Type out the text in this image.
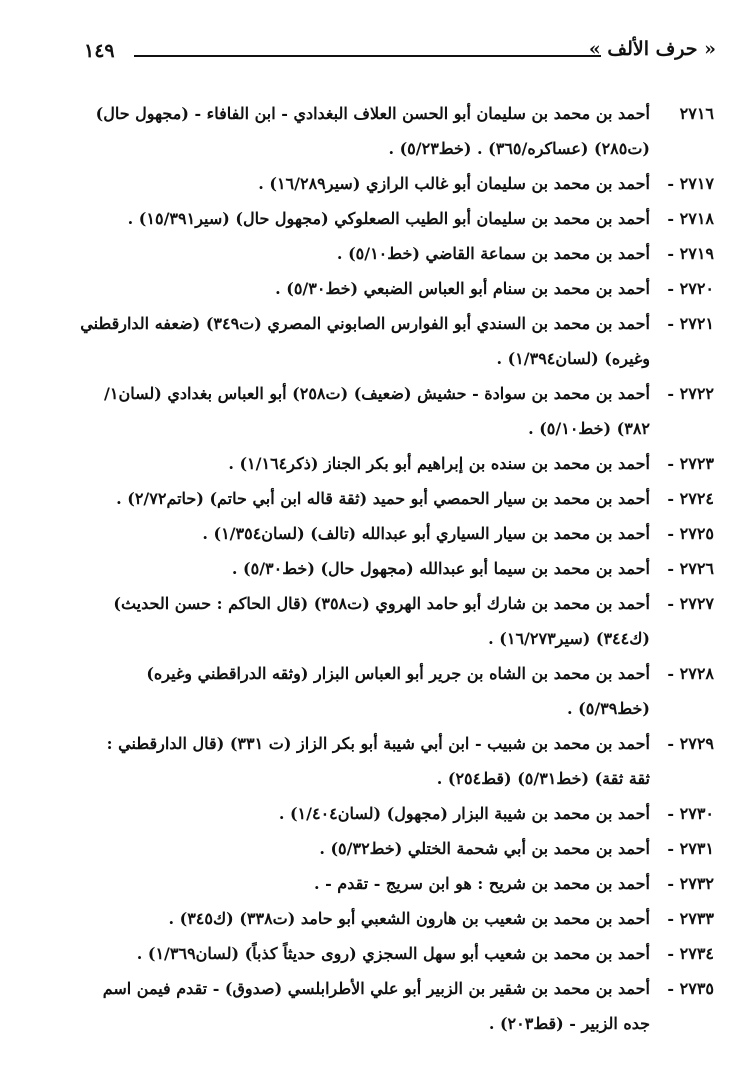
١٤٩	« حرف الألف »
٢٧١٦
أحمد بن محمد بن سليمان أبو الحسن العلاف البغدادي - ابن الفافاء - (مجهول حال) (ت٢٨٥) (عساكره/٣٦٥) . (خط٥/٢٣) .
٢٧١٧ -
أحمد بن محمد بن سليمان أبو غالب الرازي (سير١٦/٢٨٩) .
٢٧١٨ -
أحمد بن محمد بن سليمان أبو الطيب الصعلوكي (مجهول حال) (سير١٥/٣٩١) .
٢٧١٩ -
أحمد بن محمد بن سماعة القاضي (خط٥/١٠) .
٢٧٢٠ -
أحمد بن محمد بن سنام أبو العباس الضبعي (خط٥/٣٠) .
٢٧٢١ -
أحمد بن محمد بن السندي أبو الفوارس الصابوني المصري (ت٣٤٩) (ضعفه الدارقطني وغيره) (لسان١/٣٩٤) .
٢٧٢٢ -
أحمد بن محمد بن سوادة - حشيش (ضعيف) (ت٢٥٨) أبو العباس بغدادي (لسان١/ ٣٨٢) (خط٥/١٠) .
٢٧٢٣ -
أحمد بن محمد بن سنده بن إبراهيم أبو بكر الجناز (ذكر١/١٦٤) .
٢٧٢٤ -
أحمد بن محمد بن سيار الحمصي أبو حميد (ثقة قاله ابن أبي حاتم) (حاتم٢/٧٢) .
٢٧٢٥ -
أحمد بن محمد بن سيار السياري أبو عبدالله (تالف) (لسان١/٣٥٤) .
٢٧٢٦ -
أحمد بن محمد بن سيما أبو عبدالله (مجهول حال) (خط٥/٣٠) .
٢٧٢٧ -
أحمد بن محمد بن شارك أبو حامد الهروي (ت٣٥٨) (قال الحاكم : حسن الحديث) (ك٣٤٤) (سير١٦/٢٧٣) .
٢٧٢٨ -
أحمد بن محمد بن الشاه بن جرير أبو العباس البزار (وثقه الدراقطني وغيره) (خط٥/٣٩) .
٢٧٢٩ -
أحمد بن محمد بن شبيب - ابن أبي شيبة أبو بكر الزاز (ت ٣٣١) (قال الدارقطني : ثقة ثقة) (خط٥/٣١) (قط٢٥٤) .
٢٧٣٠ -
أحمد بن محمد بن شيبة البزار (مجهول) (لسان١/٤٠٤) .
٢٧٣١ -
أحمد بن محمد بن أبي شحمة الختلي (خط٥/٣٢) .
٢٧٣٢ -
أحمد بن محمد بن شريح : هو ابن سريج - تقدم - .
٢٧٣٣ -
أحمد بن محمد بن شعيب بن هارون الشعبي أبو حامد (ت٣٣٨) (ك٣٤٥) .
٢٧٣٤ -
أحمد بن محمد بن شعيب أبو سهل السجزي (روى حديثاً كذباً) (لسان١/٣٦٩) .
٢٧٣٥ -
أحمد بن محمد بن شقير بن الزبير أبو علي الأطرابلسي (صدوق) - تقدم فيمن اسم جده الزبير - (قط٢٠٣) .
